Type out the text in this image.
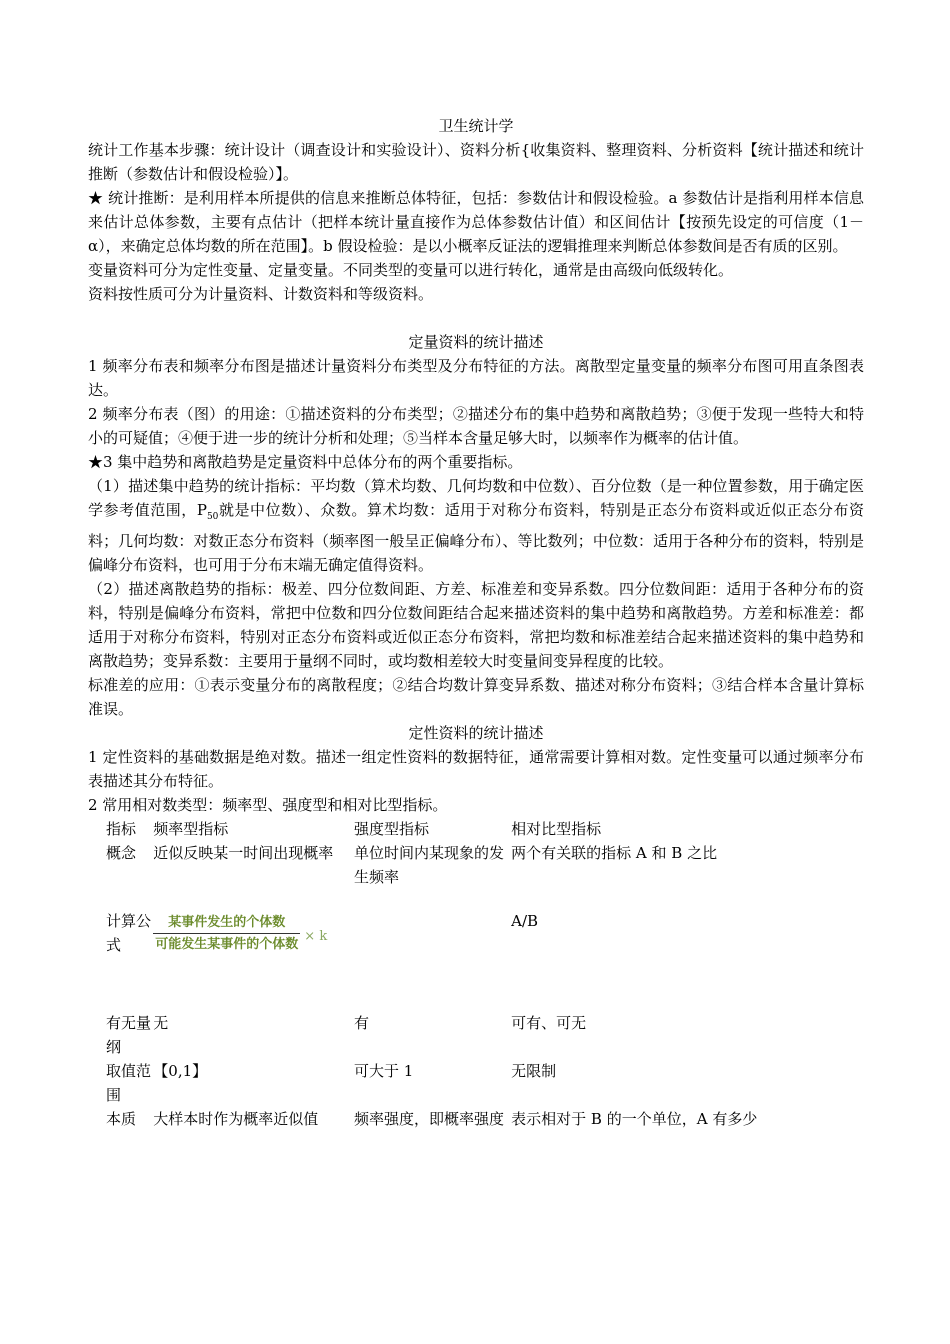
卫生统计学

统计工作基本步骤：统计设计（调查设计和实验设计）、资料分析{收集资料、整理资料、分析资料【统计描述和统计推断（参数估计和假设检验）】。

★ 统计推断：是利用样本所提供的信息来推断总体特征，包括：参数估计和假设检验。a 参数估计是指利用样本信息来估计总体参数，主要有点估计（把样本统计量直接作为总体参数估计值）和区间估计【按预先设定的可信度（1－α），来确定总体均数的所在范围】。b 假设检验：是以小概率反证法的逻辑推理来判断总体参数间是否有质的区别。

变量资料可分为定性变量、定量变量。不同类型的变量可以进行转化，通常是由高级向低级转化。

资料按性质可分为计量资料、计数资料和等级资料。

定量资料的统计描述

1 频率分布表和频率分布图是描述计量资料分布类型及分布特征的方法。离散型定量变量的频率分布图可用直条图表达。

2 频率分布表（图）的用途：①描述资料的分布类型；②描述分布的集中趋势和离散趋势；③便于发现一些特大和特小的可疑值；④便于进一步的统计分析和处理；⑤当样本含量足够大时，以频率作为概率的估计值。

★3 集中趋势和离散趋势是定量资料中总体分布的两个重要指标。

（1）描述集中趋势的统计指标：平均数（算术均数、几何均数和中位数）、百分位数（是一种位置参数，用于确定医学参考值范围，$P_{50}$就是中位数）、众数。算术均数：适用于对称分布资料，特别是正态分布资料或近似正态分布资料；几何均数：对数正态分布资料（频率图一般呈正偏峰分布）、等比数列；中位数：适用于各种分布的资料，特别是偏峰分布资料，也可用于分布末端无确定值得资料。

（2）描述离散趋势的指标：极差、四分位数间距、方差、标准差和变异系数。四分位数间距：适用于各种分布的资料，特别是偏峰分布资料，常把中位数和四分位数间距结合起来描述资料的集中趋势和离散趋势。方差和标准差：都适用于对称分布资料，特别对正态分布资料或近似正态分布资料，常把均数和标准差结合起来描述资料的集中趋势和离散趋势；变异系数：主要用于量纲不同时，或均数相差较大时变量间变异程度的比较。

标准差的应用：①表示变量分布的离散程度；②结合均数计算变异系数、描述对称分布资料；③结合样本含量计算标准误。

定性资料的统计描述

1 定性资料的基础数据是绝对数。描述一组定性资料的数据特征，通常需要计算相对数。定性变量可以通过频率分布表描述其分布特征。

2 常用相对数类型：频率型、强度型和相对比型指标。

指标	频率型指标	强度型指标	相对比型指标
概念	近似反映某一时间出现概率	单位时间内某现象的发生频率	两个有关联的指标 A 和 B 之比
计算公式	$\frac{\text{某事件发生的个体数}}{\text{可能发生某事件的个体数}} \times k$		A/B
有无量纲	无	有	可有、可无
取值范围	【0,1】	可大于 1	无限制
本质	大样本时作为概率近似值	频率强度，即概率强度	表示相对于 B 的一个单位，A 有多少
